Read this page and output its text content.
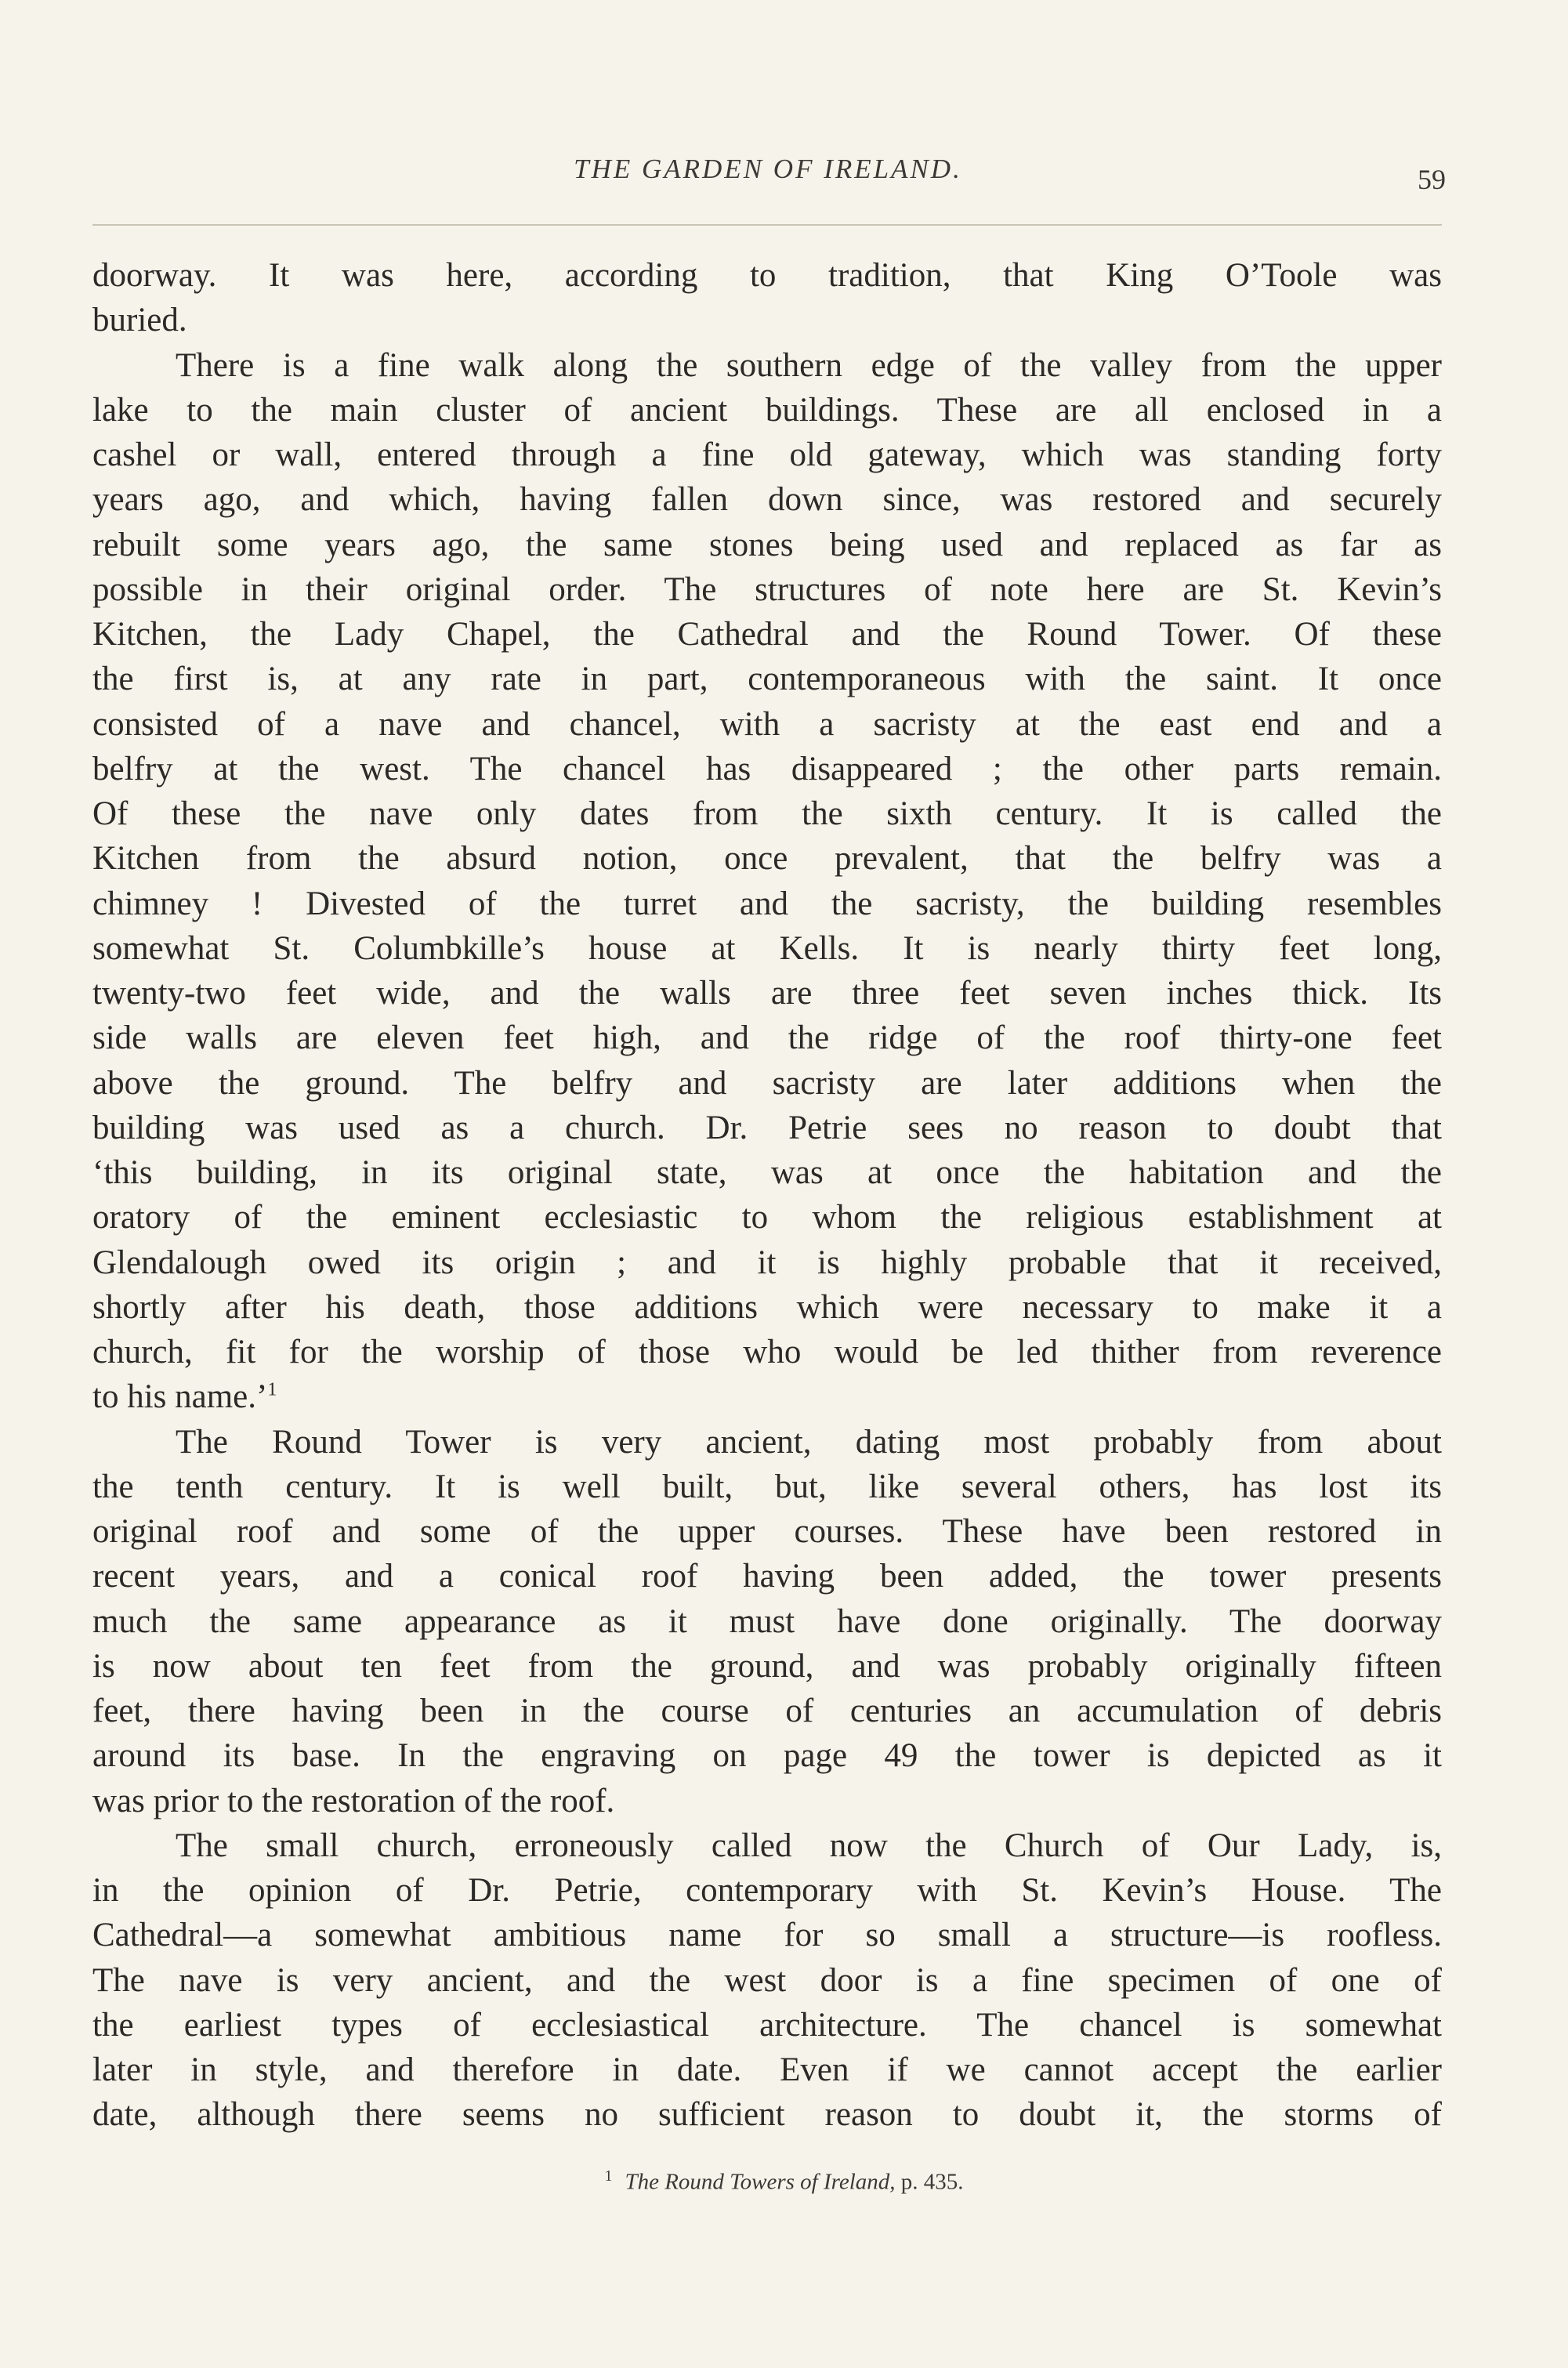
THE GARDEN OF IRELAND.	59
doorway. It was here, according to tradition, that King O’Toole was
buried.
There is a fine walk along the southern edge of the valley from the upper
lake to the main cluster of ancient buildings. These are all enclosed in a
cashel or wall, entered through a fine old gateway, which was standing forty
years ago, and which, having fallen down since, was restored and securely
rebuilt some years ago, the same stones being used and replaced as far as
possible in their original order. The structures of note here are St. Kevin’s
Kitchen, the Lady Chapel, the Cathedral and the Round Tower. Of these
the first is, at any rate in part, contemporaneous with the saint. It once
consisted of a nave and chancel, with a sacristy at the east end and a
belfry at the west. The chancel has disappeared ; the other parts remain.
Of these the nave only dates from the sixth century. It is called the
Kitchen from the absurd notion, once prevalent, that the belfry was a
chimney ! Divested of the turret and the sacristy, the building resembles
somewhat St. Columbkille’s house at Kells. It is nearly thirty feet long,
twenty-two feet wide, and the walls are three feet seven inches thick. Its
side walls are eleven feet high, and the ridge of the roof thirty-one feet
above the ground. The belfry and sacristy are later additions when the
building was used as a church. Dr. Petrie sees no reason to doubt that
‘this building, in its original state, was at once the habitation and the
oratory of the eminent ecclesiastic to whom the religious establishment at
Glendalough owed its origin ; and it is highly probable that it received,
shortly after his death, those additions which were necessary to make it a
church, fit for the worship of those who would be led thither from reverence
to his name.’$^1$
The Round Tower is very ancient, dating most probably from about
the tenth century. It is well built, but, like several others, has lost its
original roof and some of the upper courses. These have been restored in
recent years, and a conical roof having been added, the tower presents
much the same appearance as it must have done originally. The doorway
is now about ten feet from the ground, and was probably originally fifteen
feet, there having been in the course of centuries an accumulation of debris
around its base. In the engraving on page 49 the tower is depicted as it
was prior to the restoration of the roof.
The small church, erroneously called now the Church of Our Lady, is,
in the opinion of Dr. Petrie, contemporary with St. Kevin’s House. The
Cathedral—a somewhat ambitious name for so small a structure—is roofless.
The nave is very ancient, and the west door is a fine specimen of one of
the earliest types of ecclesiastical architecture. The chancel is somewhat
later in style, and therefore in date. Even if we cannot accept the earlier
date, although there seems no sufficient reason to doubt it, the storms of
$^1$ The Round Towers of Ireland, p. 435.
